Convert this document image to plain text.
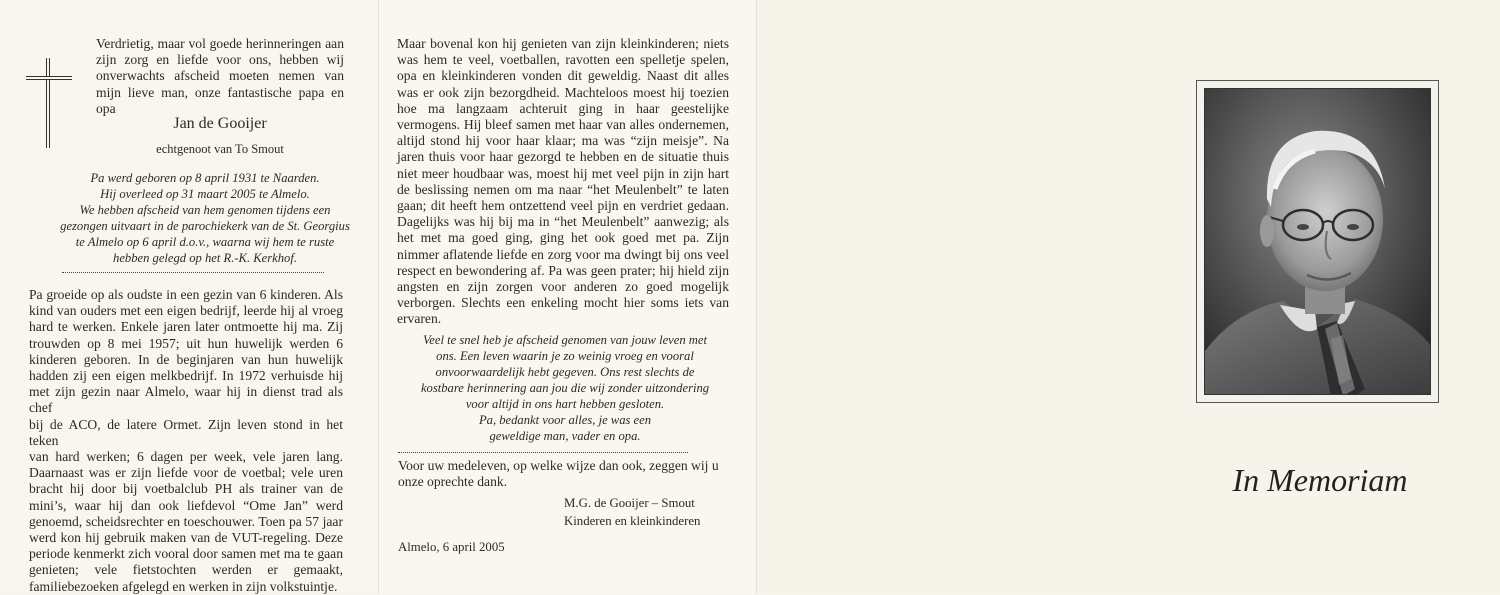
Verdrietig, maar vol goede herinneringen aan
zijn zorg en liefde voor ons, hebben wij
onverwachts afscheid moeten nemen van
mijn lieve man, onze fantastische papa en opa
Jan de Gooijer
echtgenoot van To Smout
Pa werd geboren op 8 april 1931 te Naarden.
Hij overleed op 31 maart 2005 te Almelo.
We hebben afscheid van hem genomen tijdens een
gezongen uitvaart in de parochiekerk van de St. Georgius
te Almelo op 6 april d.o.v., waarna wij hem te ruste
hebben gelegd op het R.-K. Kerkhof.
Pa groeide op als oudste in een gezin van 6 kinderen. Als
kind van ouders met een eigen bedrijf, leerde hij al vroeg
hard te werken. Enkele jaren later ontmoette hij ma. Zij
trouwden op 8 mei 1957; uit hun huwelijk werden 6
kinderen geboren. In de beginjaren van hun huwelijk
hadden zij een eigen melkbedrijf. In 1972 verhuisde hij
met zijn gezin naar Almelo, waar hij in dienst trad als chef
bij de ACO, de latere Ormet. Zijn leven stond in het teken
van hard werken; 6 dagen per week, vele jaren lang.
Daarnaast was er zijn liefde voor de voetbal; vele uren
bracht hij door bij voetbalclub PH als trainer van de
mini’s, waar hij dan ook liefdevol “Ome Jan” werd
genoemd, scheidsrechter en toeschouwer. Toen pa 57 jaar
werd kon hij gebruik maken van de VUT-regeling. Deze
periode kenmerkt zich vooral door samen met ma te gaan
genieten; vele fietstochten werden er gemaakt,
familiebezoeken afgelegd en werken in zijn volkstuintje.
Maar bovenal kon hij genieten van zijn kleinkinderen; niets
was hem te veel, voetballen, ravotten een spelletje spelen,
opa en kleinkinderen vonden dit geweldig. Naast dit alles
was er ook zijn bezorgdheid. Machteloos moest hij toezien
hoe ma langzaam achteruit ging in haar geestelijke
vermogens. Hij bleef samen met haar van alles ondernemen,
altijd stond hij voor haar klaar; ma was “zijn meisje”. Na
jaren thuis voor haar gezorgd te hebben en de situatie thuis
niet meer houdbaar was, moest hij met veel pijn in zijn hart
de beslissing nemen om ma naar “het Meulenbelt” te laten
gaan; dit heeft hem ontzettend veel pijn en verdriet gedaan.
Dagelijks was hij bij ma in “het Meulenbelt” aanwezig; als
het met ma goed ging, ging het ook goed met pa. Zijn
nimmer aflatende liefde en zorg voor ma dwingt bij ons veel
respect en bewondering af. Pa was geen prater; hij hield zijn
angsten en zijn zorgen voor anderen zo goed mogelijk
verborgen. Slechts een enkeling mocht hier soms iets van
ervaren.
Veel te snel heb je afscheid genomen van jouw leven met
ons. Een leven waarin je zo weinig vroeg en vooral
onvoorwaardelijk hebt gegeven. Ons rest slechts de
kostbare herinnering aan jou die wij zonder uitzondering
voor altijd in ons hart hebben gesloten.
Pa, bedankt voor alles, je was een
geweldige man, vader en opa.
Voor uw medeleven, op welke wijze dan ook, zeggen wij u
onze oprechte dank.
M.G. de Gooijer – Smout
Kinderen en kleinkinderen
Almelo, 6 april 2005
In Memoriam
